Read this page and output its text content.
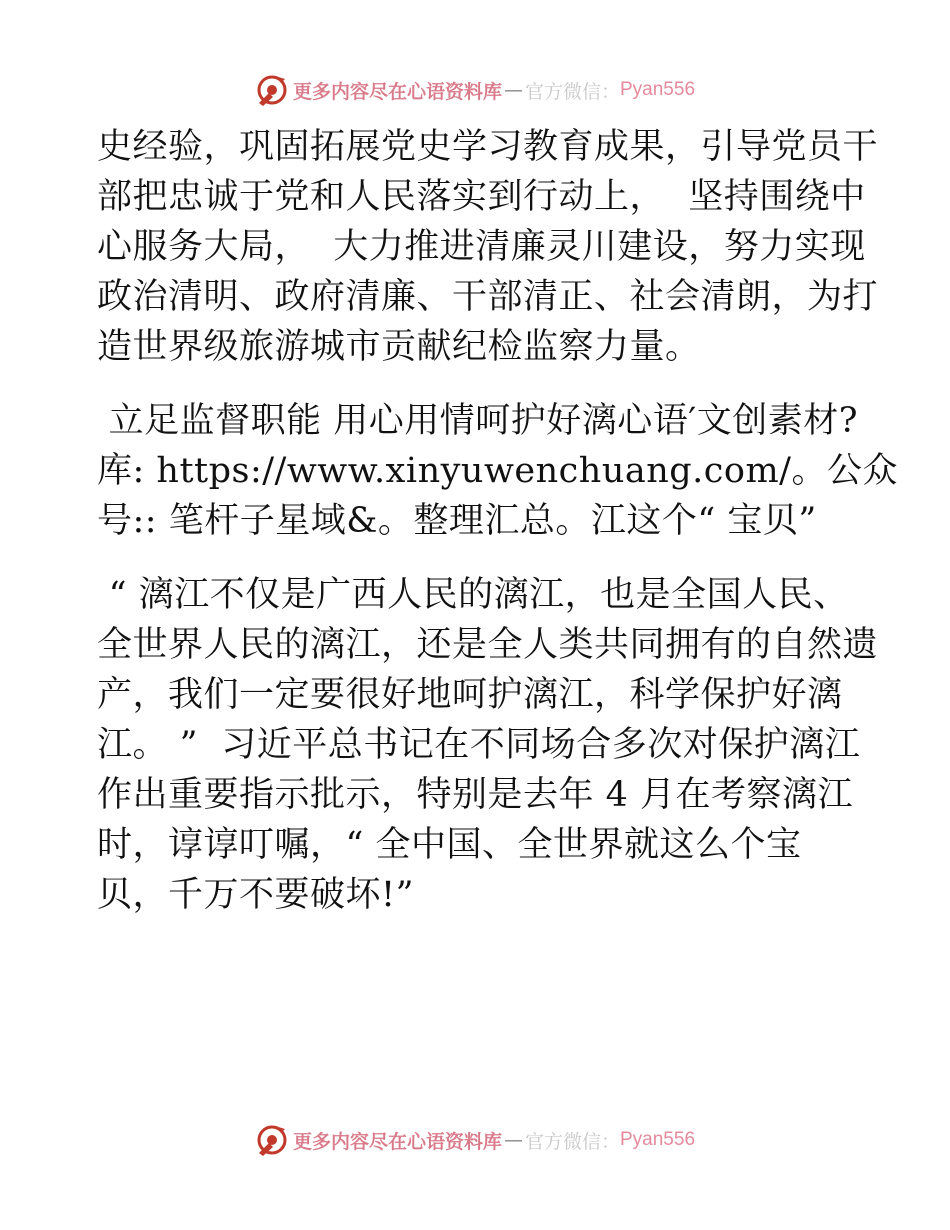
更多内容尽在心语资料库 — 官方微信： Pyan556
史经验，巩固拓展党史学习教育成果，引导党员干
部把忠诚于党和人民落实到行动上，  坚持围绕中
心服务大局，  大力推进清廉灵川建设，努力实现
政治清明、政府清廉、干部清正、社会清朗，为打
造世界级旅游城市贡献纪检监察力量。
立足监督职能 用心用情呵护好漓心语′文创素材?
库: https://www.xinyuwenchuang.com/。公众
号:: 笔杆子星域&。整理汇总。江这个“ 宝贝”
“ 漓江不仅是广西人民的漓江，也是全国人民、
全世界人民的漓江，还是全人类共同拥有的自然遗
产，我们一定要很好地呵护漓江，科学保护好漓
江。 ”  习近平总书记在不同场合多次对保护漓江
作出重要指示批示，特别是去年 4 月在考察漓江
时，谆谆叮嘱，“ 全中国、全世界就这么个宝
贝，千万不要破坏!”
更多内容尽在心语资料库 — 官方微信： Pyan556
